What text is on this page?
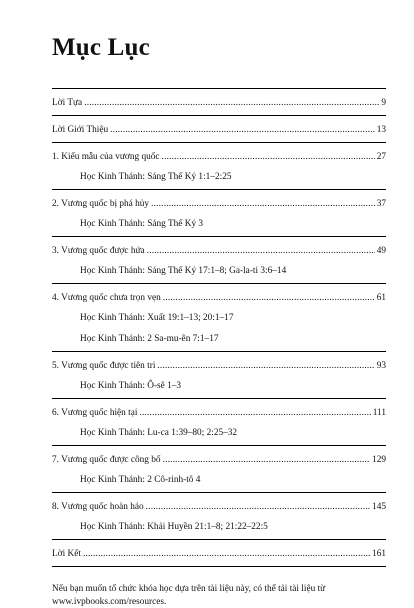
Mục Lục
Lời Tựa .....	9
Lời Giới Thiệu .....	13
1. Kiểu mẫu của vương quốc .....	27
Học Kinh Thánh: Sáng Thế Ký 1:1–2:25
2. Vương quốc bị phá hủy .....	37
Học Kinh Thánh: Sáng Thế Ký 3
3. Vương quốc được hứa .....	49
Học Kinh Thánh: Sáng Thế Ký 17:1–8; Ga-la-ti 3:6–14
4. Vương quốc chưa trọn vẹn .....	61
Học Kinh Thánh: Xuất 19:1–13; 20:1–17
Học Kinh Thánh: 2 Sa-mu-ên 7:1–17
5. Vương quốc được tiên tri .....	93
Học Kinh Thánh: Ô-sê 1–3
6. Vương quốc hiện tại .....	111
Học Kinh Thánh: Lu-ca 1:39–80; 2:25–32
7. Vương quốc được công bố .....	129
Học Kinh Thánh: 2 Cô-rinh-tô 4
8. Vương quốc hoàn hảo .....	145
Học Kinh Thánh: Khải Huyền 21:1–8; 21:22–22:5
Lời Kết .....	161
Nếu bạn muốn tổ chức khóa học dựa trên tài liệu này, có thể tải tài liệu từ www.ivpbooks.com/resources.
